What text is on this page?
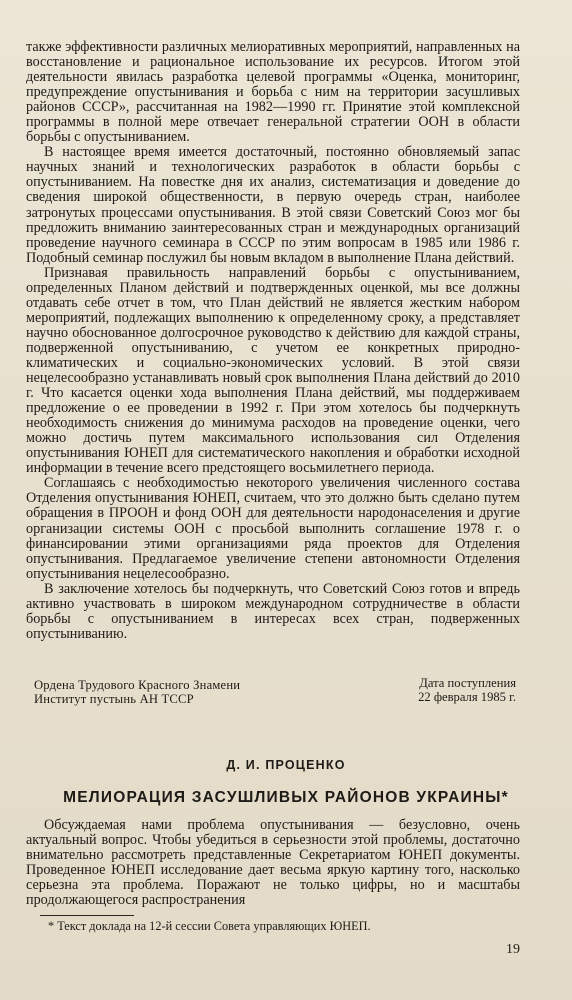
также эффективности различных мелиоративных мероприятий, направленных на восстановление и рациональное использование их ресурсов. Итогом этой деятельности явилась разработка целевой программы «Оценка, мониторинг, предупреждение опустынивания и борьба с ним на территории засушливых районов СССР», рассчитанная на 1982—1990 гг. Принятие этой комплексной программы в полной мере отвечает генеральной стратегии ООН в области борьбы с опустыниванием.

В настоящее время имеется достаточный, постоянно обновляемый запас научных знаний и технологических разработок в области борьбы с опустыниванием. На повестке дня их анализ, систематизация и доведение до сведения широкой общественности, в первую очередь стран, наиболее затронутых процессами опустынивания. В этой связи Советский Союз мог бы предложить вниманию заинтересованных стран и международных организаций проведение научного семинара в СССР по этим вопросам в 1985 или 1986 г. Подобный семинар послужил бы новым вкладом в выполнение Плана действий.

Признавая правильность направлений борьбы с опустыниванием, определенных Планом действий и подтвержденных оценкой, мы все должны отдавать себе отчет в том, что План действий не является жестким набором мероприятий, подлежащих выполнению к определенному сроку, а представляет научно обоснованное долгосрочное руководство к действию для каждой страны, подверженной опустыниванию, с учетом ее конкретных природно-климатических и социально-экономических условий. В этой связи нецелесообразно устанавливать новый срок выполнения Плана действий до 2010 г. Что касается оценки хода выполнения Плана действий, мы поддерживаем предложение о ее проведении в 1992 г. При этом хотелось бы подчеркнуть необходимость снижения до минимума расходов на проведение оценки, чего можно достичь путем максимального использования сил Отделения опустынивания ЮНЕП для систематического накопления и обработки исходной информации в течение всего предстоящего восьмилетнего периода.

Соглашаясь с необходимостью некоторого увеличения численного состава Отделения опустынивания ЮНЕП, считаем, что это должно быть сделано путем обращения в ПРООН и фонд ООН для деятельности народонаселения и другие организации системы ООН с просьбой выполнить соглашение 1978 г. о финансировании этими организациями ряда проектов для Отделения опустынивания. Предлагаемое увеличение степени автономности Отделения опустынивания нецелесообразно.

В заключение хотелось бы подчеркнуть, что Советский Союз готов и впредь активно участвовать в широком международном сотрудничестве в области борьбы с опустыниванием в интересах всех стран, подверженных опустыниванию.

Ордена Трудового Красного Знамени
Институт пустынь АН ТССР
Дата поступления
22 февраля 1985 г.
Д. И. ПРОЦЕНКО
МЕЛИОРАЦИЯ ЗАСУШЛИВЫХ РАЙОНОВ УКРАИНЫ*

Обсуждаемая нами проблема опустынивания — безусловно, очень актуальный вопрос. Чтобы убедиться в серьезности этой проблемы, достаточно внимательно рассмотреть представленные Секретариатом ЮНЕП документы. Проведенное ЮНЕП исследование дает весьма яркую картину того, насколько серьезна эта проблема. Поражают не только цифры, но и масштабы продолжающегося распространения

* Текст доклада на 12-й сессии Совета управляющих ЮНЕП.
19
